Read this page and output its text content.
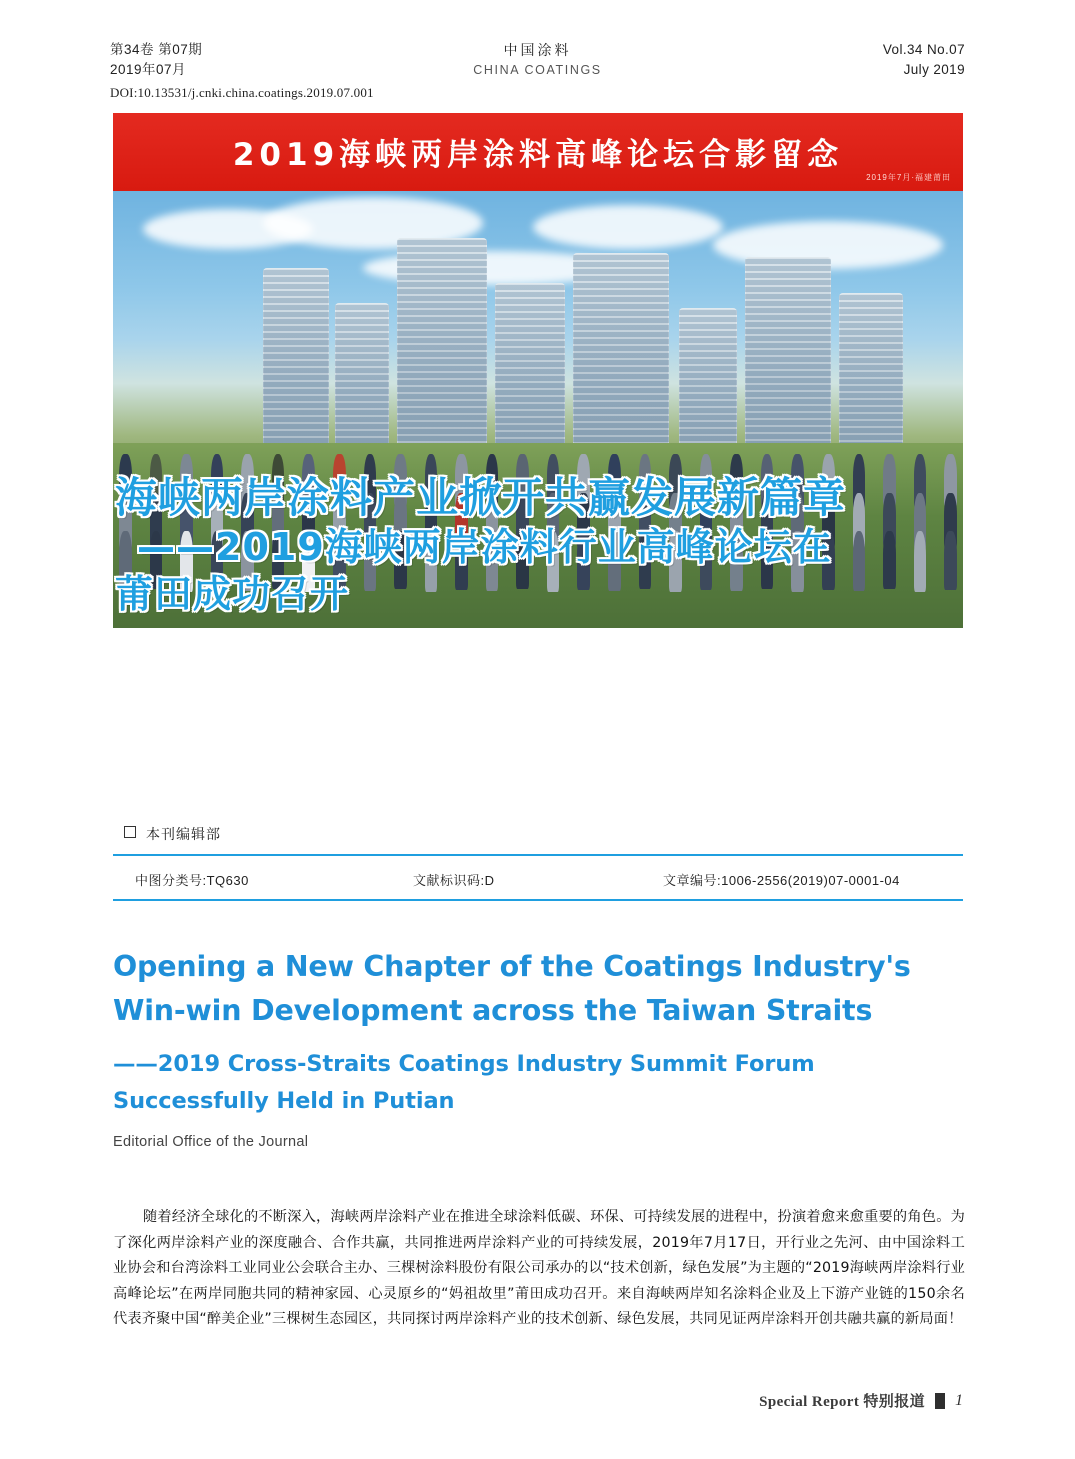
第34卷 第07期
2019年07月
中国涂料
CHINA COATINGS
Vol.34 No.07
July 2019
DOI:10.13531/j.cnki.china.coatings.2019.07.001
2019海峡两岸涂料高峰论坛合影留念
2019年7月·福建莆田
海峡两岸涂料产业掀开共赢发展新篇章
——2019海峡两岸涂料行业高峰论坛在
莆田成功召开
本刊编辑部
中图分类号:TQ630	文献标识码:D	文章编号:1006-2556(2019)07-0001-04
Opening a New Chapter of the Coatings Industry's Win-win Development across the Taiwan Straits
——2019 Cross-Straits Coatings Industry Summit Forum Successfully Held in Putian
Editorial Office of the Journal
随着经济全球化的不断深入，海峡两岸涂料产业在推进全球涂料低碳、环保、可持续发展的进程中，扮演着愈来愈重要的角色。为了深化两岸涂料产业的深度融合、合作共赢，共同推进两岸涂料产业的可持续发展，2019年7月17日，开行业之先河、由中国涂料工业协会和台湾涂料工业同业公会联合主办、三棵树涂料股份有限公司承办的以“技术创新，绿色发展”为主题的“2019海峡两岸涂料行业高峰论坛”在两岸同胞共同的精神家园、心灵原乡的“妈祖故里”莆田成功召开。来自海峡两岸知名涂料企业及上下游产业链的150余名代表齐聚中国“醉美企业”三棵树生态园区，共同探讨两岸涂料产业的技术创新、绿色发展，共同见证两岸涂料开创共融共赢的新局面！
Special Report 特别报道 1
